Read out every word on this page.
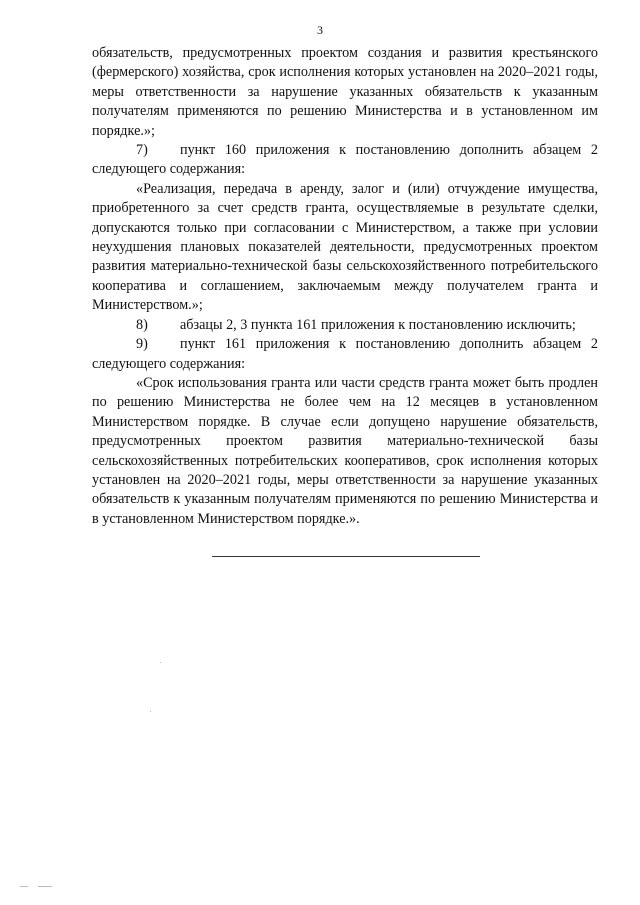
3

обязательств, предусмотренных проектом создания и развития крестьянского (фермерского) хозяйства, срок исполнения которых установлен на 2020–2021 годы, меры ответственности за нарушение указанных обязательств к указанным получателям применяются по решению Министерства и в установленном им порядке.»;

7) пункт 160 приложения к постановлению дополнить абзацем 2 следующего содержания:

«Реализация, передача в аренду, залог и (или) отчуждение имущества, приобретенного за счет средств гранта, осуществляемые в результате сделки, допускаются только при согласовании с Министерством, а также при условии неухудшения плановых показателей деятельности, предусмотренных проектом развития материально-технической базы сельскохозяйственного потребительского кооператива и соглашением, заключаемым между получателем гранта и Министерством.»;

8) абзацы 2, 3 пункта 161 приложения к постановлению исключить;

9) пункт 161 приложения к постановлению дополнить абзацем 2 следующего содержания:

«Срок использования гранта или части средств гранта может быть продлен по решению Министерства не более чем на 12 месяцев в установленном Министерством порядке. В случае если допущено нарушение обязательств, предусмотренных проектом развития материально-технической базы сельскохозяйственных потребительских кооперативов, срок исполнения которых установлен на 2020–2021 годы, меры ответственности за нарушение указанных обязательств к указанным получателям применяются по решению Министерства и в установленном Министерством порядке.».
